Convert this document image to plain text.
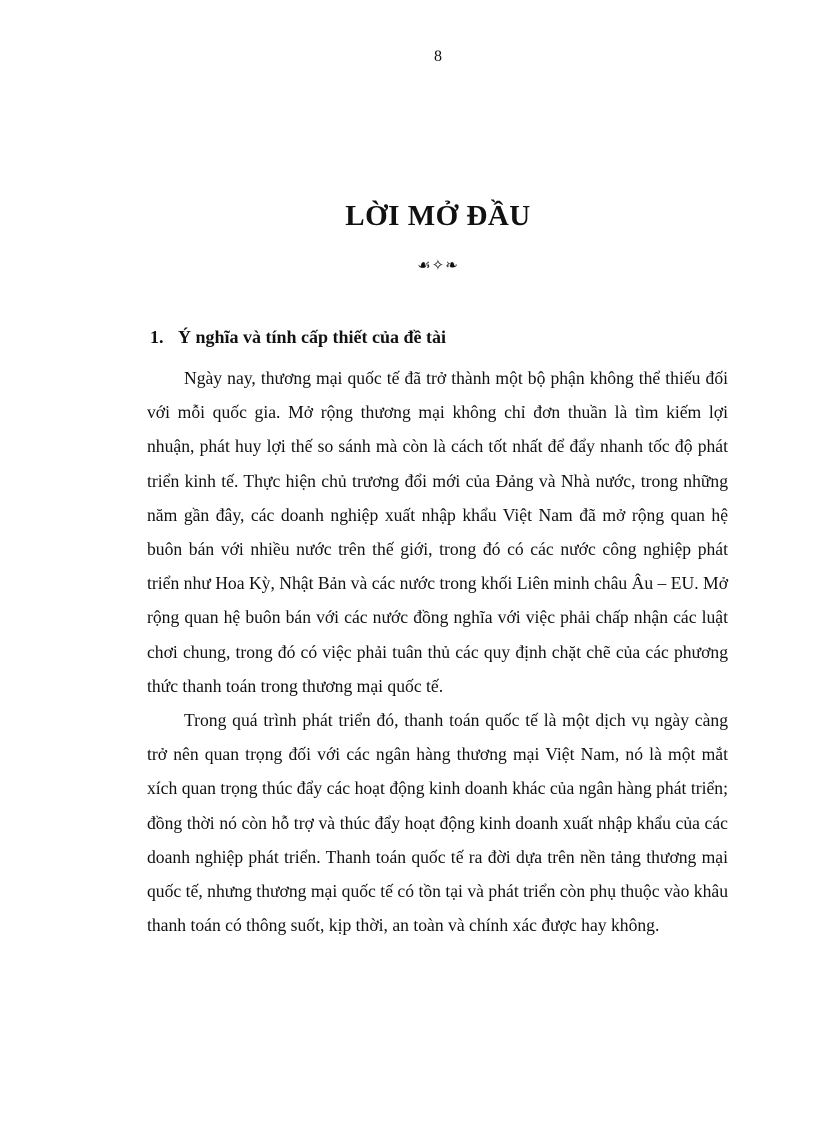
8
LỜI MỞ ĐẦU
☙✧❧
1. Ý nghĩa và tính cấp thiết của đề tài

Ngày nay, thương mại quốc tế đã trở thành một bộ phận không thể thiếu đối với mỗi quốc gia. Mở rộng thương mại không chỉ đơn thuần là tìm kiếm lợi nhuận, phát huy lợi thế so sánh mà còn là cách tốt nhất để đẩy nhanh tốc độ phát triển kinh tế. Thực hiện chủ trương đổi mới của Đảng và Nhà nước, trong những năm gần đây, các doanh nghiệp xuất nhập khẩu Việt Nam đã mở rộng quan hệ buôn bán với nhiều nước trên thế giới, trong đó có các nước công nghiệp phát triển như Hoa Kỳ, Nhật Bản và các nước trong khối Liên minh châu Âu – EU. Mở rộng quan hệ buôn bán với các nước đồng nghĩa với việc phải chấp nhận các luật chơi chung, trong đó có việc phải tuân thủ các quy định chặt chẽ của các phương thức thanh toán trong thương mại quốc tế.

Trong quá trình phát triển đó, thanh toán quốc tế là một dịch vụ ngày càng trở nên quan trọng đối với các ngân hàng thương mại Việt Nam, nó là một mắt xích quan trọng thúc đẩy các hoạt động kinh doanh khác của ngân hàng phát triển; đồng thời nó còn hỗ trợ và thúc đẩy hoạt động kinh doanh xuất nhập khẩu của các doanh nghiệp phát triển. Thanh toán quốc tế ra đời dựa trên nền tảng thương mại quốc tế, nhưng thương mại quốc tế có tồn tại và phát triển còn phụ thuộc vào khâu thanh toán có thông suốt, kịp thời, an toàn và chính xác được hay không.
